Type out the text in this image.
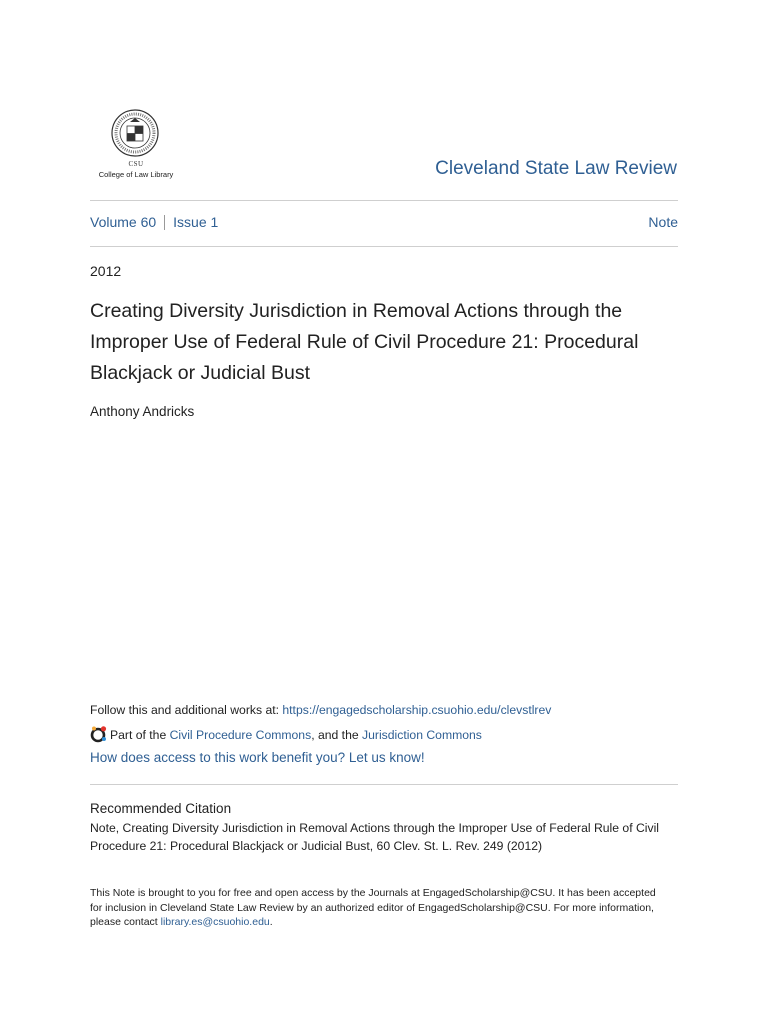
CSU
College of Law Library	Cleveland State Law Review
Volume 60 Issue 1	Note
2012
Creating Diversity Jurisdiction in Removal Actions through the Improper Use of Federal Rule of Civil Procedure 21: Procedural Blackjack or Judicial Bust
Anthony Andricks
Follow this and additional works at: https://engagedscholarship.csuohio.edu/clevstlrev
Part of the Civil Procedure Commons, and the Jurisdiction Commons
How does access to this work benefit you? Let us know!
Recommended Citation
Note, Creating Diversity Jurisdiction in Removal Actions through the Improper Use of Federal Rule of Civil Procedure 21: Procedural Blackjack or Judicial Bust, 60 Clev. St. L. Rev. 249 (2012)
This Note is brought to you for free and open access by the Journals at EngagedScholarship@CSU. It has been accepted for inclusion in Cleveland State Law Review by an authorized editor of EngagedScholarship@CSU. For more information, please contact library.es@csuohio.edu.
